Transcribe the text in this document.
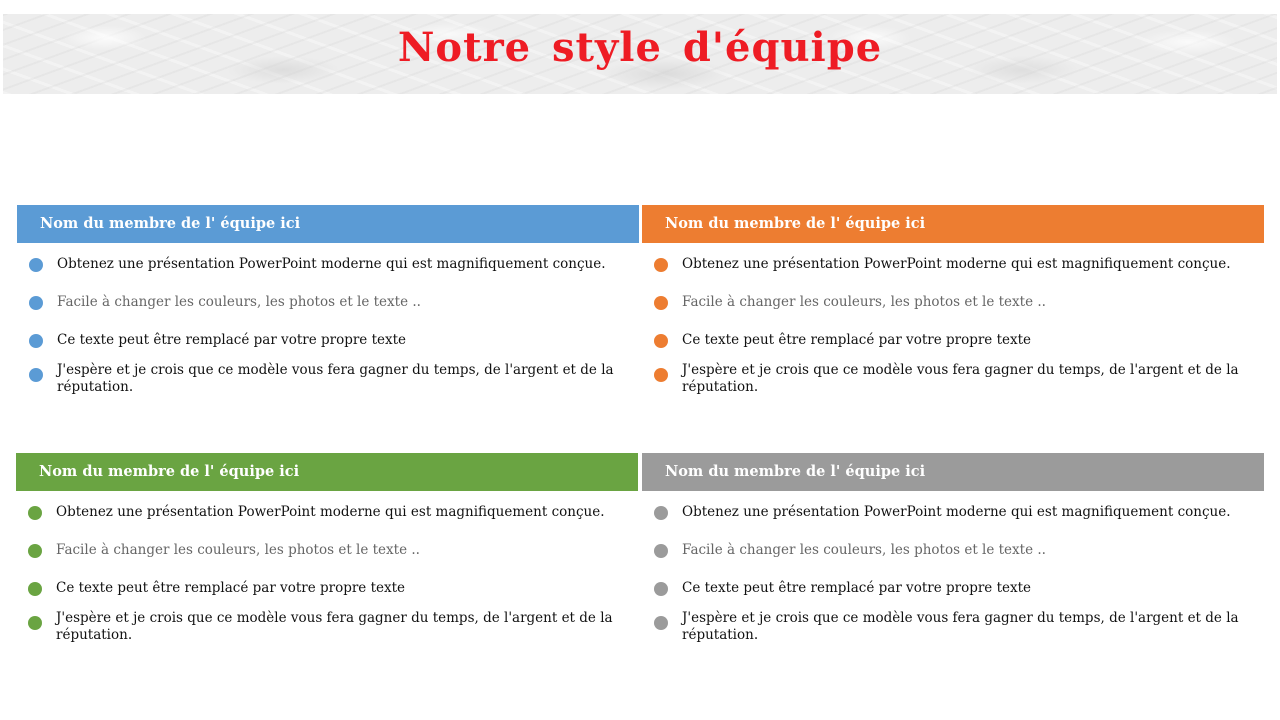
Notre style d'équipe
Nom du membre de l' équipe ici
Obtenez une présentation PowerPoint moderne qui est magnifiquement conçue.
Facile à changer les couleurs, les photos et le texte ..
Ce texte peut être remplacé par votre propre texte
J'espère et je crois que ce modèle vous fera gagner du temps, de l'argent et de la réputation.
Nom du membre de l' équipe ici
Obtenez une présentation PowerPoint moderne qui est magnifiquement conçue.
Facile à changer les couleurs, les photos et le texte ..
Ce texte peut être remplacé par votre propre texte
J'espère et je crois que ce modèle vous fera gagner du temps, de l'argent et de la réputation.
Nom du membre de l' équipe ici
Obtenez une présentation PowerPoint moderne qui est magnifiquement conçue.
Facile à changer les couleurs, les photos et le texte ..
Ce texte peut être remplacé par votre propre texte
J'espère et je crois que ce modèle vous fera gagner du temps, de l'argent et de la réputation.
Nom du membre de l' équipe ici
Obtenez une présentation PowerPoint moderne qui est magnifiquement conçue.
Facile à changer les couleurs, les photos et le texte ..
Ce texte peut être remplacé par votre propre texte
J'espère et je crois que ce modèle vous fera gagner du temps, de l'argent et de la réputation.
